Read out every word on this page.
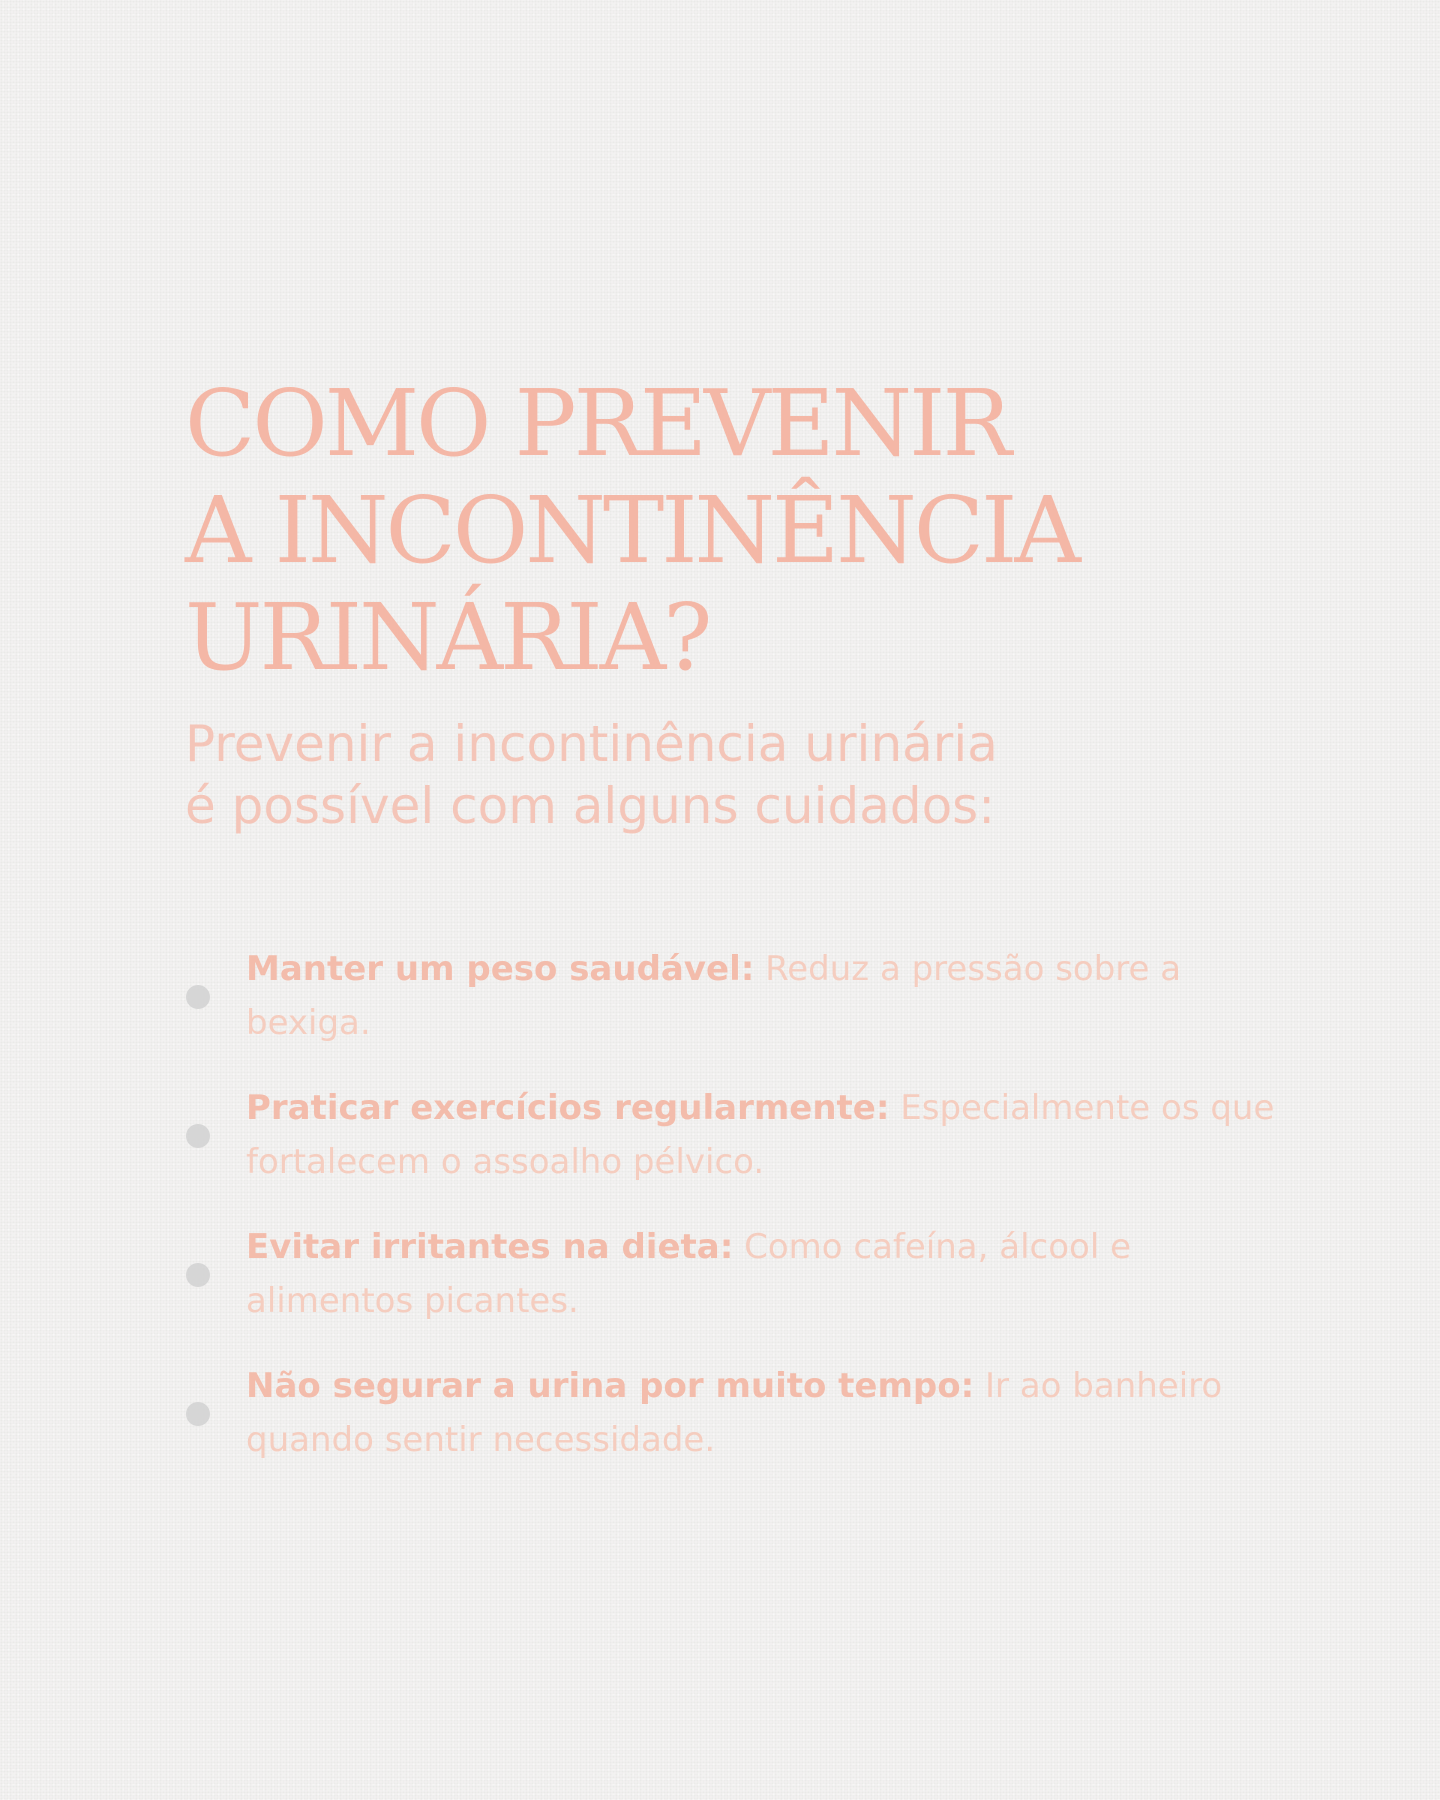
COMO PREVENIR
A INCONTINÊNCIA
URINÁRIA?

Prevenir a incontinência urinária
é possível com alguns cuidados:

Manter um peso saudável: Reduz a pressão sobre a bexiga.
Praticar exercícios regularmente: Especialmente os que fortalecem o assoalho pélvico.
Evitar irritantes na dieta: Como cafeína, álcool e alimentos picantes.
Não segurar a urina por muito tempo: Ir ao banheiro quando sentir necessidade.
